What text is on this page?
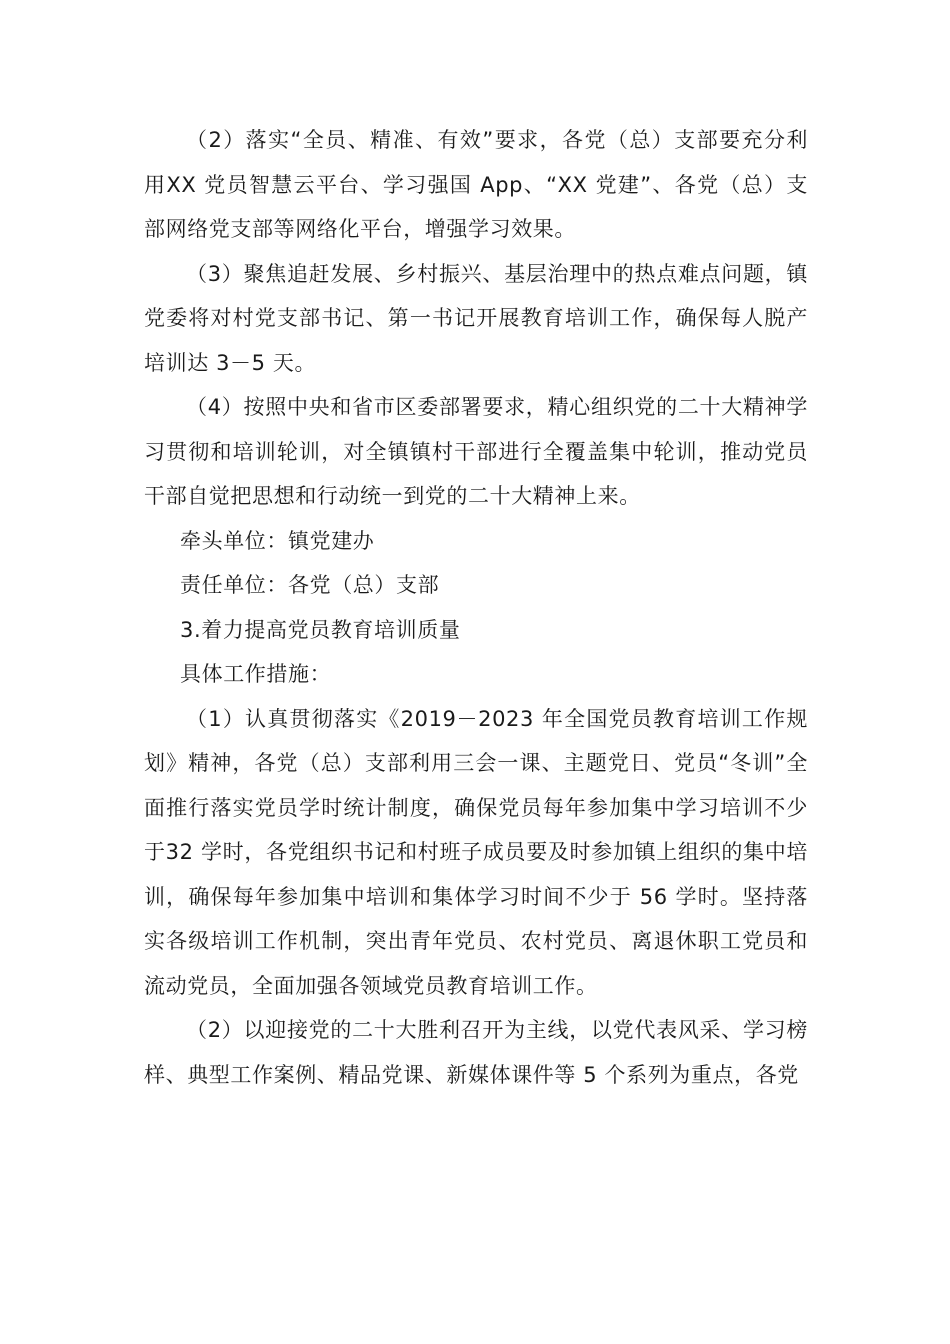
（2）落实“全员、精准、有效”要求，各党（总）支部要充分利 用XX 党员智慧云平台、学习强国 App、“XX 党建”、各党（总）支部网络党支部等网络化平台，增强学习效果。

（3）聚焦追赶发展、乡村振兴、基层治理中的热点难点问题，镇党委将对村党支部书记、第一书记开展教育培训工作，确保每人脱产培训达 3－5 天。

（4）按照中央和省市区委部署要求，精心组织党的二十大精神学习贯彻和培训轮训，对全镇镇村干部进行全覆盖集中轮训，推动党员干部自觉把思想和行动统一到党的二十大精神上来。

牵头单位：镇党建办

责任单位：各党（总）支部

3.着力提高党员教育培训质量

具体工作措施：

（1）认真贯彻落实《2019－2023 年全国党员教育培训工作规划》精神，各党（总）支部利用三会一课、主题党日、党员“冬训”全面推行落实党员学时统计制度，确保党员每年参加集中学习培训不少　于32 学时，各党组织书记和村班子成员要及时参加镇上组织的集中培训，确保每年参加集中培训和集体学习时间不少于 56 学时。坚持落实各级培训工作机制，突出青年党员、农村党员、离退休职工党员和　流动党员，全面加强各领域党员教育培训工作。

（2）以迎接党的二十大胜利召开为主线，以党代表风采、学习榜样、典型工作案例、精品党课、新媒体课件等 5 个系列为重点，各党
